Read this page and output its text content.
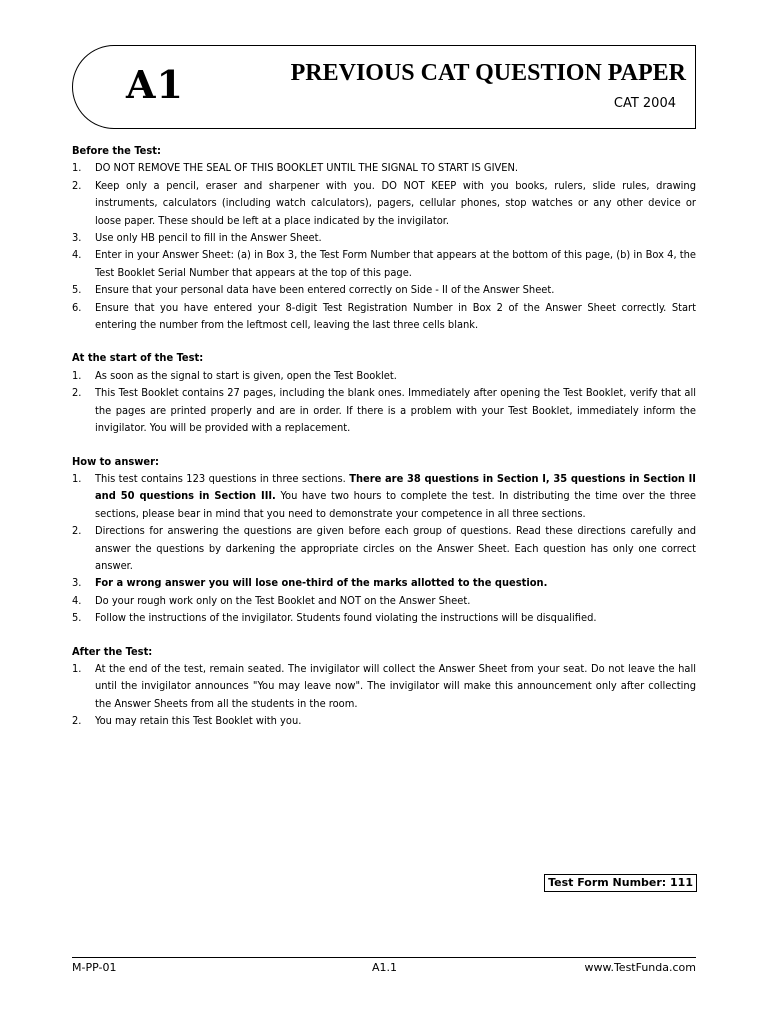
A1	PREVIOUS CAT QUESTION PAPER
CAT 2004
Before the Test:
1. DO NOT REMOVE THE SEAL OF THIS BOOKLET UNTIL THE SIGNAL TO START IS GIVEN.
2. Keep only a pencil, eraser and sharpener with you. DO NOT KEEP with you books, rulers, slide rules, drawing instruments, calculators (including watch calculators), pagers, cellular phones, stop watches or any other device or loose paper. These should be left at a place indicated by the invigilator.
3. Use only HB pencil to fill in the Answer Sheet.
4. Enter in your Answer Sheet: (a) in Box 3, the Test Form Number that appears at the bottom of this page, (b) in Box 4, the Test Booklet Serial Number that appears at the top of this page.
5. Ensure that your personal data have been entered correctly on Side - II of the Answer Sheet.
6. Ensure that you have entered your 8-digit Test Registration Number in Box 2 of the Answer Sheet correctly. Start entering the number from the leftmost cell, leaving the last three cells blank.
At the start of the Test:
1. As soon as the signal to start is given, open the Test Booklet.
2. This Test Booklet contains 27 pages, including the blank ones. Immediately after opening the Test Booklet, verify that all the pages are printed properly and are in order. If there is a problem with your Test Booklet, immediately inform the invigilator. You will be provided with a replacement.
How to answer:
1. This test contains 123 questions in three sections. There are 38 questions in Section I, 35 questions in Section II and 50 questions in Section III. You have two hours to complete the test. In distributing the time over the three sections, please bear in mind that you need to demonstrate your competence in all three sections.
2. Directions for answering the questions are given before each group of questions. Read these directions carefully and answer the questions by darkening the appropriate circles on the Answer Sheet. Each question has only one correct answer.
3. For a wrong answer you will lose one-third of the marks allotted to the question.
4. Do your rough work only on the Test Booklet and NOT on the Answer Sheet.
5. Follow the instructions of the invigilator. Students found violating the instructions will be disqualified.
After the Test:
1. At the end of the test, remain seated. The invigilator will collect the Answer Sheet from your seat. Do not leave the hall until the invigilator announces "You may leave now". The invigilator will make this announcement only after collecting the Answer Sheets from all the students in the room.
2. You may retain this Test Booklet with you.
Test Form Number: 111
M-PP-01	A1.1	www.TestFunda.com
